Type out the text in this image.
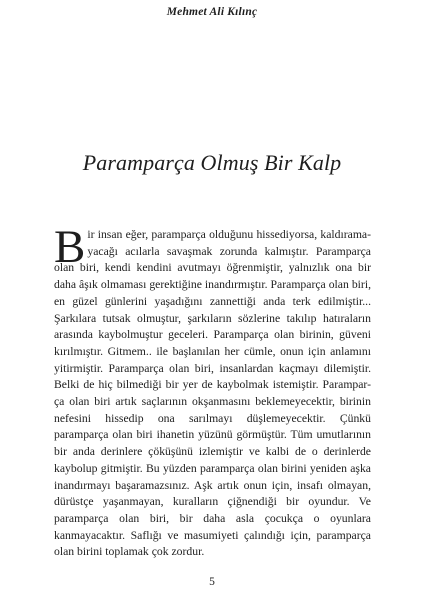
Mehmet Ali Kılınç
Paramparça Olmuş Bir Kalp

Bir insan eğer, paramparça olduğunu hissediyorsa, kaldırama-yacağı acılarla savaşmak zorunda kalmıştır. Paramparça olan biri, kendi kendini avutmayı öğrenmiştir, yalnızlık ona bir daha âşık olmaması gerektiğine inandırmıştır. Paramparça olan biri, en güzel günlerini yaşadığını zannettiği anda terk edilmiştir... Şarkılara tutsak olmuştur, şarkıların sözlerine takılıp hatıraların arasında kaybolmuştur geceleri. Paramparça olan birinin, güveni kırılmıştır. Gitmem.. ile başlanılan her cümle, onun için anlamını yitirmiştir. Paramparça olan biri, insanlardan kaçmayı dilemiştir. Belki de hiç bilmediği bir yer de kaybolmak istemiştir. Parampar-ça olan biri artık saçlarının okşanmasını beklemeyecektir, birinin nefesini hissedip ona sarılmayı düşlemeyecektir. Çünkü paramparça olan biri ihanetin yüzünü görmüştür. Tüm umutlarının bir anda derinlere çöküşünü izlemiştir ve kalbi de o derinlerde kaybolup gitmiştir. Bu yüzden paramparça olan birini yeniden aşka inandırmayı başaramazsınız. Aşk artık onun için, insafı olmayan, dürüstçe yaşanmayan, kuralların çiğnendiği bir oyundur. Ve paramparça olan biri, bir daha asla çocukça o oyunlara kanmayacaktır. Saflığı ve masumiyeti çalındığı için, paramparça olan birini toplamak çok zordur.

5
